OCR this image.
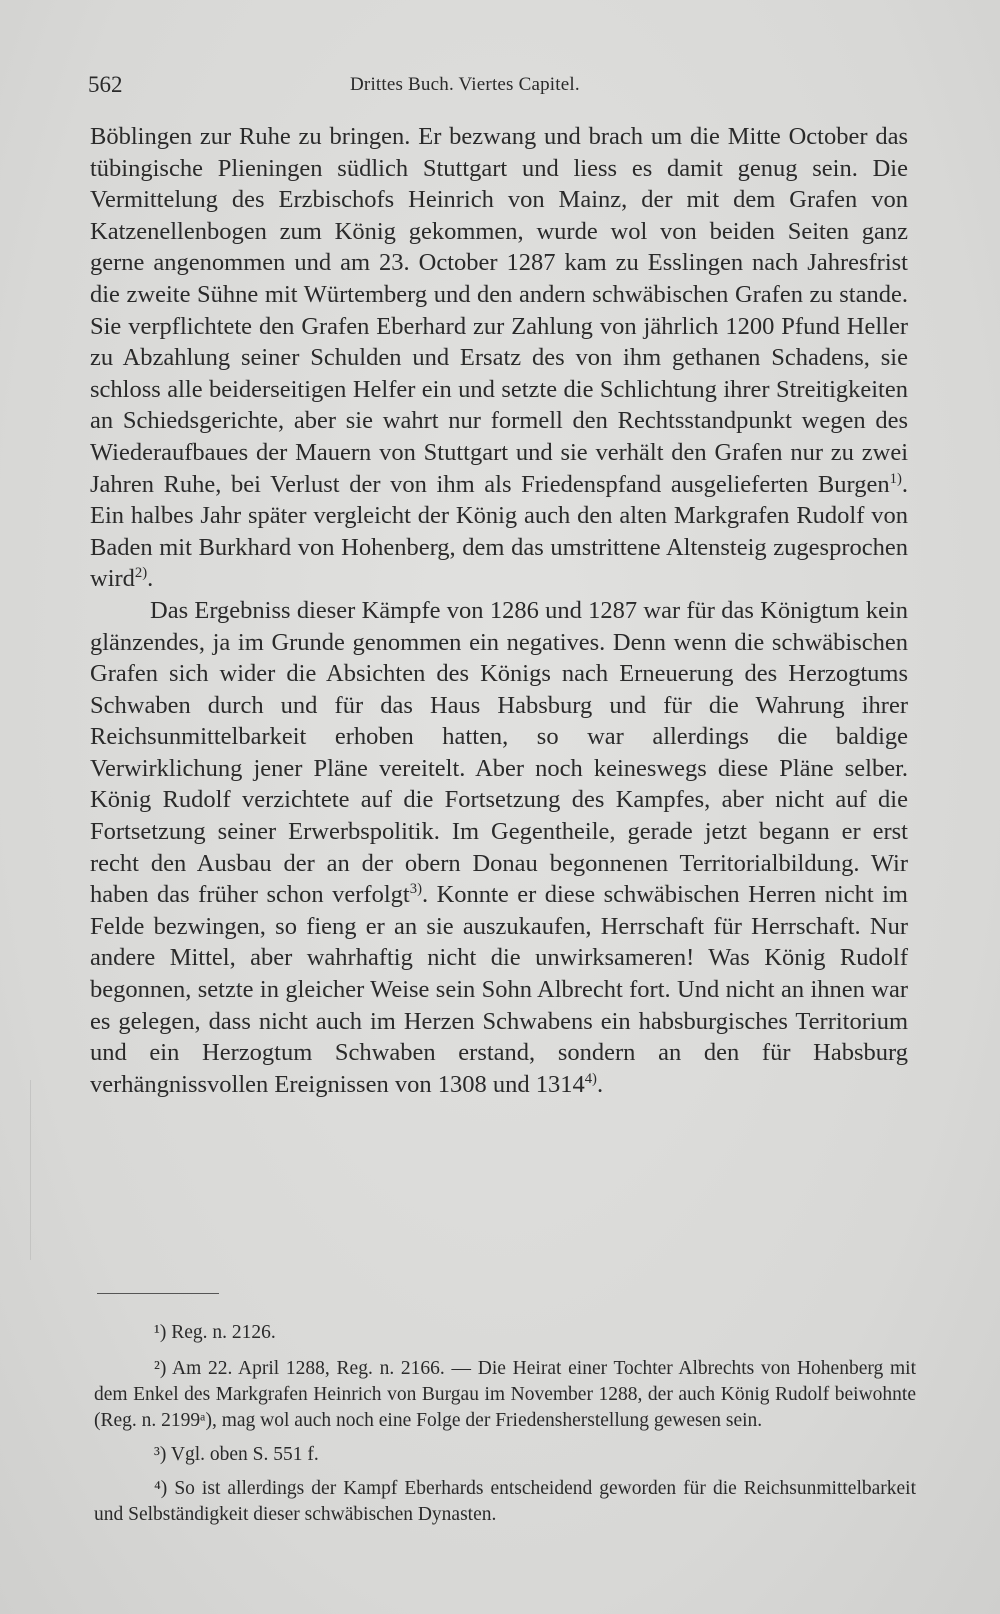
562	Drittes Buch. Viertes Capitel.

Böblingen zur Ruhe zu bringen. Er bezwang und brach um die Mitte October das tübingische Plieningen südlich Stuttgart und liess es damit genug sein. Die Vermittelung des Erzbischofs Heinrich von Mainz, der mit dem Grafen von Katzenellenbogen zum König gekommen, wurde wol von beiden Seiten ganz gerne angenommen und am 23. October 1287 kam zu Esslingen nach Jahresfrist die zweite Sühne mit Würtemberg und den andern schwäbischen Grafen zu stande. Sie verpflichtete den Grafen Eberhard zur Zahlung von jährlich 1200 Pfund Heller zu Abzahlung seiner Schulden und Ersatz des von ihm gethanen Schadens, sie schloss alle beiderseitigen Helfer ein und setzte die Schlichtung ihrer Streitigkeiten an Schiedsgerichte, aber sie wahrt nur formell den Rechtsstandpunkt wegen des Wiederaufbaues der Mauern von Stuttgart und sie verhält den Grafen nur zu zwei Jahren Ruhe, bei Verlust der von ihm als Friedenspfand ausgelieferten Burgen$^{1)}$. Ein halbes Jahr später vergleicht der König auch den alten Markgrafen Rudolf von Baden mit Burkhard von Hohenberg, dem das umstrittene Altensteig zugesprochen wird$^{2)}$.

Das Ergebniss dieser Kämpfe von 1286 und 1287 war für das Königtum kein glänzendes, ja im Grunde genommen ein negatives. Denn wenn die schwäbischen Grafen sich wider die Absichten des Königs nach Erneuerung des Herzogtums Schwaben durch und für das Haus Habsburg und für die Wahrung ihrer Reichsunmittelbarkeit erhoben hatten, so war allerdings die baldige Verwirklichung jener Pläne vereitelt. Aber noch keineswegs diese Pläne selber. König Rudolf verzichtete auf die Fortsetzung des Kampfes, aber nicht auf die Fortsetzung seiner Erwerbspolitik. Im Gegentheile, gerade jetzt begann er erst recht den Ausbau der an der obern Donau begonnenen Territorialbildung. Wir haben das früher schon verfolgt$^{3)}$. Konnte er diese schwäbischen Herren nicht im Felde bezwingen, so fieng er an sie auszukaufen, Herrschaft für Herrschaft. Nur andere Mittel, aber wahrhaftig nicht die unwirksameren! Was König Rudolf begonnen, setzte in gleicher Weise sein Sohn Albrecht fort. Und nicht an ihnen war es gelegen, dass nicht auch im Herzen Schwabens ein habsburgisches Territorium und ein Herzogtum Schwaben erstand, sondern an den für Habsburg verhängnissvollen Ereignissen von 1308 und 1314$^{4)}$.

¹) Reg. n. 2126.

²) Am 22. April 1288, Reg. n. 2166. — Die Heirat einer Tochter Albrechts von Hohenberg mit dem Enkel des Markgrafen Heinrich von Burgau im November 1288, der auch König Rudolf beiwohnte (Reg. n. 2199ᵃ), mag wol auch noch eine Folge der Friedensherstellung gewesen sein.

³) Vgl. oben S. 551 f.

⁴) So ist allerdings der Kampf Eberhards entscheidend geworden für die Reichsunmittelbarkeit und Selbständigkeit dieser schwäbischen Dynasten.
